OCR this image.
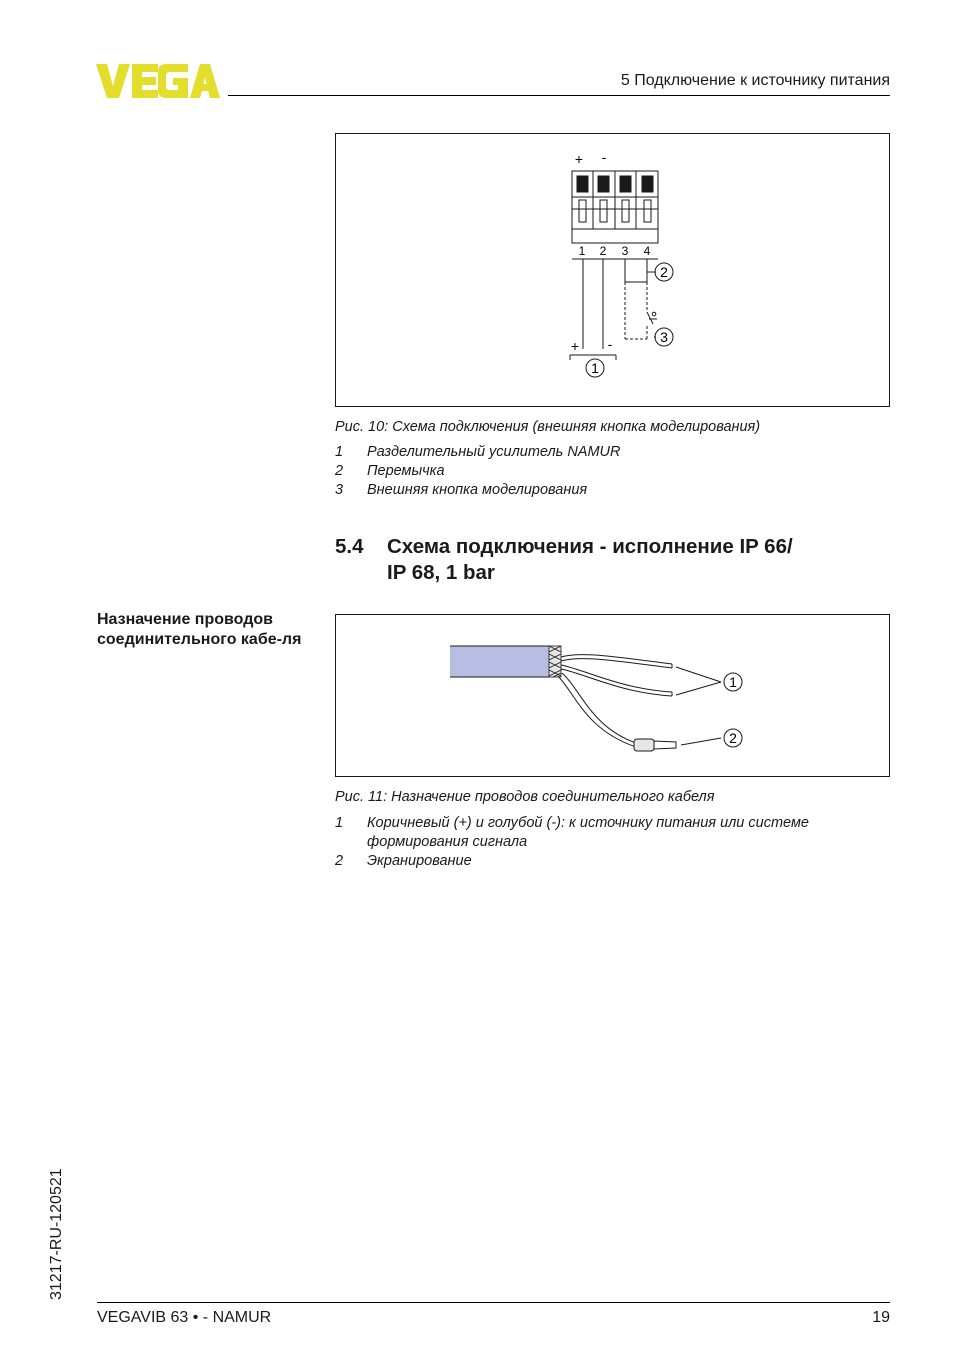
5 Подключение к источнику питания
+ -
1 2 3 4
+ -
1
2
3
Рис. 10: Схема подключения (внешняя кнопка моделирования)
1	Разделительный усилитель NAMUR
2	Перемычка
3	Внешняя кнопка моделирования
5.4 Схема подключения - исполнение IP 66/
IP 68, 1 bar
Назначение проводов соединительного кабе-ля
1
2
Рис. 11: Назначение проводов соединительного кабеля
1	Коричневый (+) и голубой (-): к источнику питания или системе формирования сигнала
2	Экранирование
31217-RU-120521
VEGAVIB 63 • - NAMUR	19
